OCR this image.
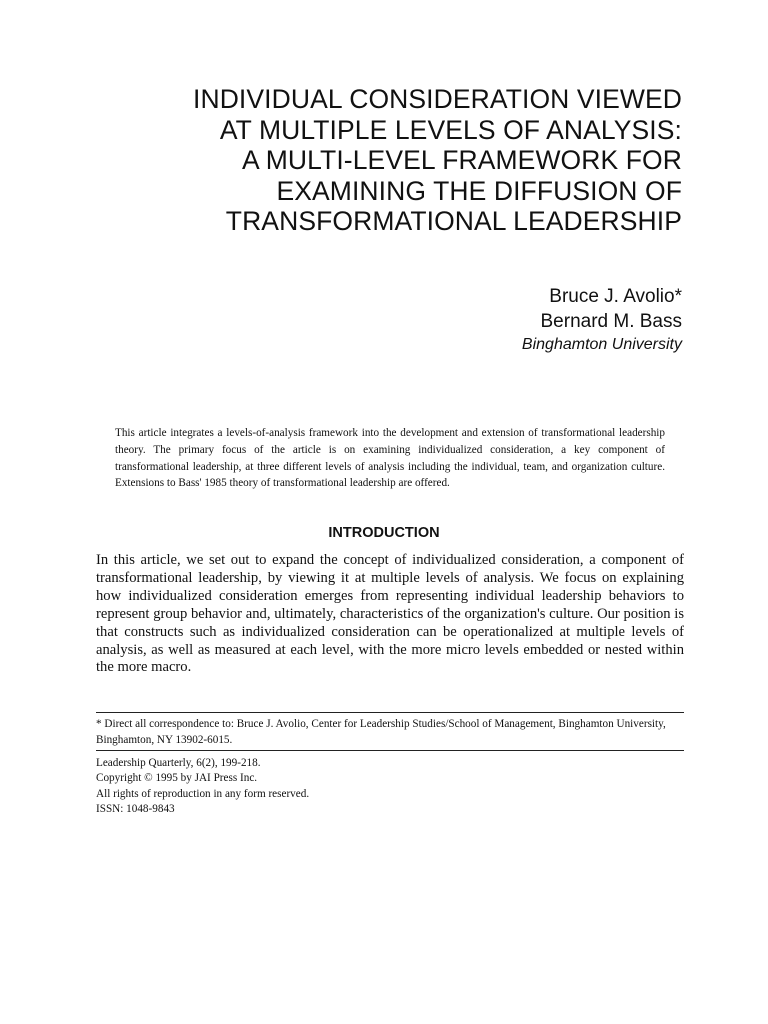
INDIVIDUAL CONSIDERATION VIEWED
AT MULTIPLE LEVELS OF ANALYSIS:
A MULTI-LEVEL FRAMEWORK FOR
EXAMINING THE DIFFUSION OF
TRANSFORMATIONAL LEADERSHIP
Bruce J. Avolio*
Bernard M. Bass
Binghamton University

This article integrates a levels-of-analysis framework into the development and extension of transformational leadership theory. The primary focus of the article is on examining individualized consideration, a key component of transformational leadership, at three different levels of analysis including the individual, team, and organization culture. Extensions to Bass' 1985 theory of transformational leadership are offered.

INTRODUCTION

In this article, we set out to expand the concept of individualized consideration, a component of transformational leadership, by viewing it at multiple levels of analysis. We focus on explaining how individualized consideration emerges from representing individual leadership behaviors to represent group behavior and, ultimately, characteristics of the organization's culture. Our position is that constructs such as individualized consideration can be operationalized at multiple levels of analysis, as well as measured at each level, with the more micro levels embedded or nested within the more macro.

* Direct all correspondence to: Bruce J. Avolio, Center for Leadership Studies/School of Management, Binghamton University, Binghamton, NY 13902-6015.

Leadership Quarterly, 6(2), 199-218.
Copyright © 1995 by JAI Press Inc.
All rights of reproduction in any form reserved.
ISSN: 1048-9843
